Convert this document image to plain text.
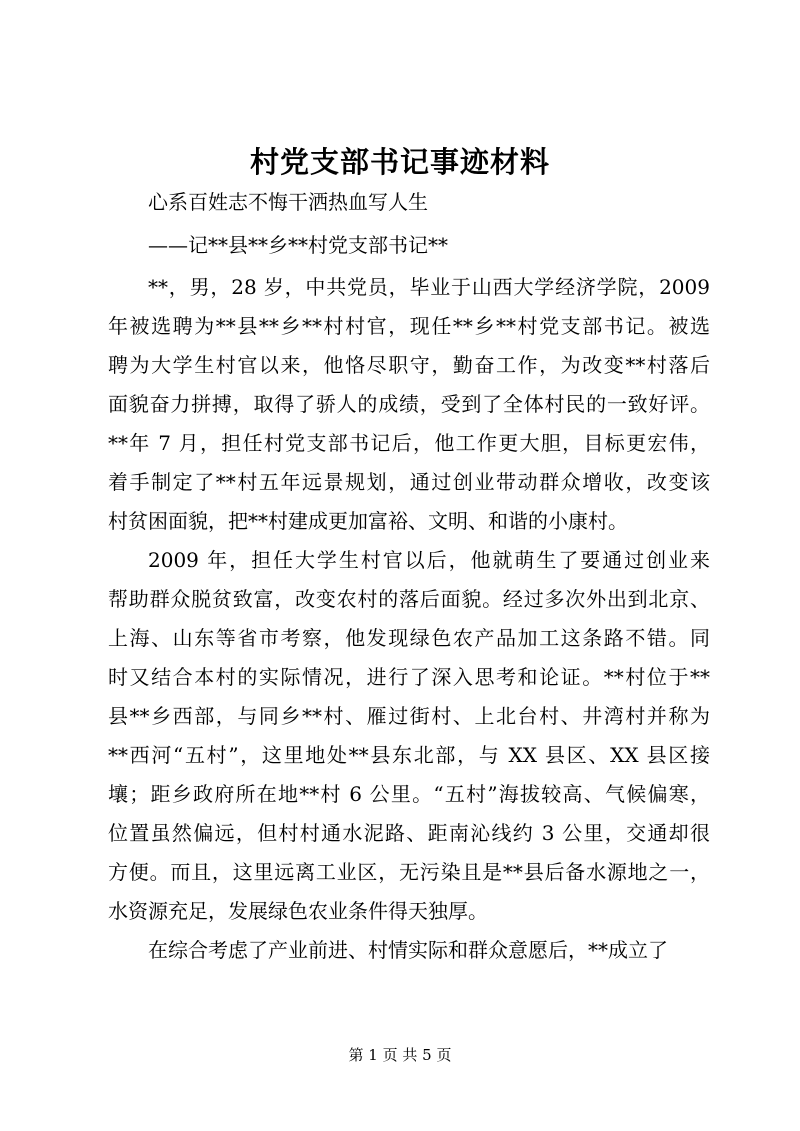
村党支部书记事迹材料

心系百姓志不悔干洒热血写人生

——记**县**乡**村党支部书记**

**，男，28 岁，中共党员，毕业于山西大学经济学院，2009
年被选聘为**县**乡**村村官，现任**乡**村党支部书记。被选
聘为大学生村官以来，他恪尽职守，勤奋工作，为改变**村落后
面貌奋力拼搏，取得了骄人的成绩，受到了全体村民的一致好评。
**年 7 月，担任村党支部书记后，他工作更大胆，目标更宏伟，
着手制定了**村五年远景规划，通过创业带动群众增收，改变该
村贫困面貌，把**村建成更加富裕、文明、和谐的小康村。
2009 年，担任大学生村官以后，他就萌生了要通过创业来
帮助群众脱贫致富，改变农村的落后面貌。经过多次外出到北京、
上海、山东等省市考察，他发现绿色农产品加工这条路不错。同
时又结合本村的实际情况，进行了深入思考和论证。**村位于**
县**乡西部，与同乡**村、雁过街村、上北台村、井湾村并称为
**西河“五村”，这里地处**县东北部，与 XX 县区、XX 县区接
壤；距乡政府所在地**村 6 公里。“五村”海拔较高、气候偏寒，
位置虽然偏远，但村村通水泥路、距南沁线约 3 公里，交通却很
方便。而且，这里远离工业区，无污染且是**县后备水源地之一，
水资源充足，发展绿色农业条件得天独厚。
在综合考虑了产业前进、村情实际和群众意愿后，**成立了

第 1 页 共 5 页
